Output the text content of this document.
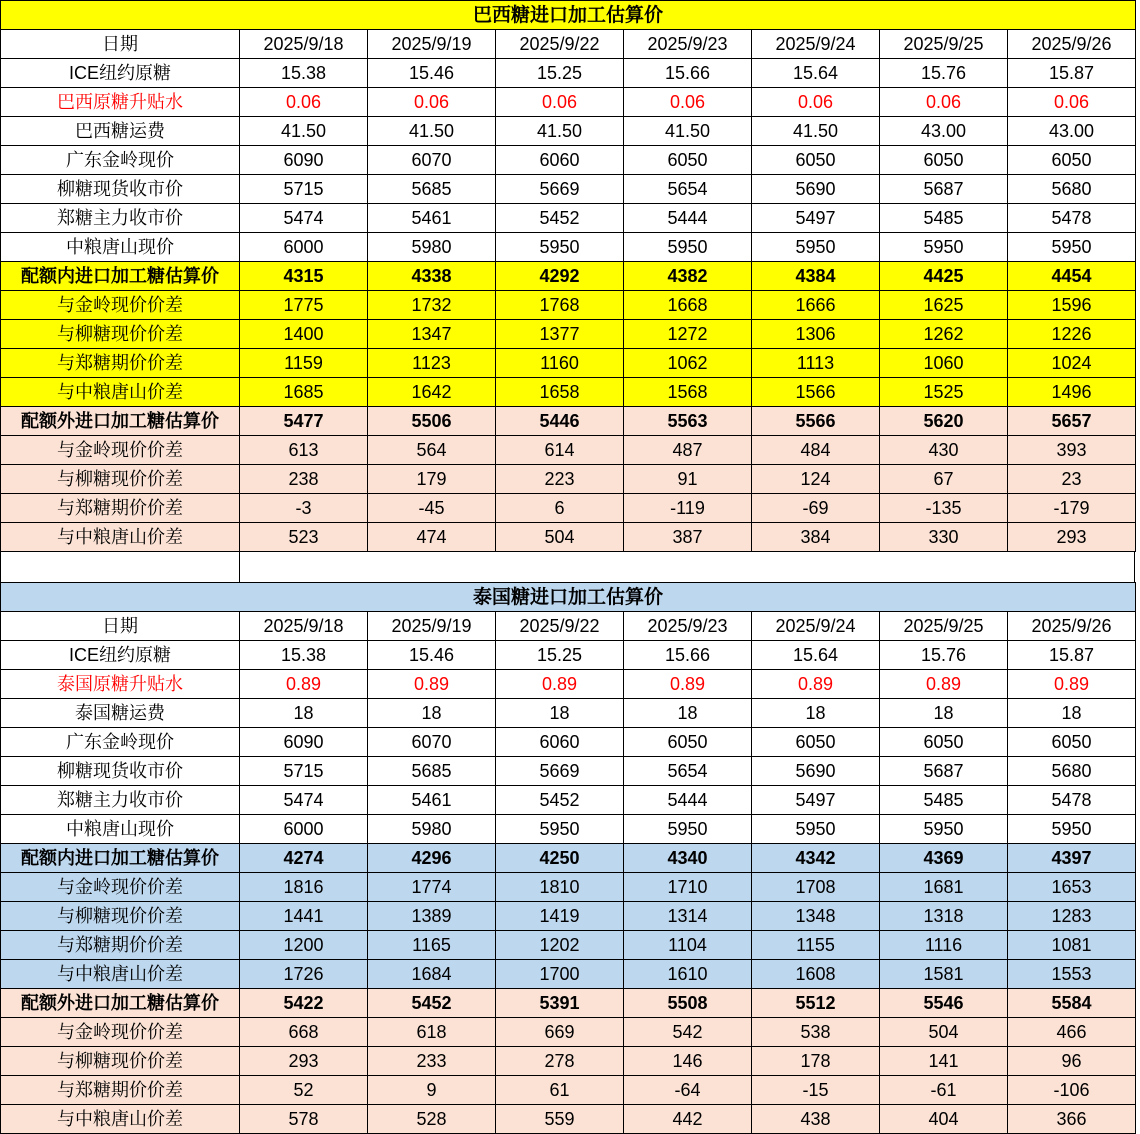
巴西糖进口加工估算价							
日期	2025/9/18	2025/9/19	2025/9/22	2025/9/23	2025/9/24	2025/9/25	2025/9/26
ICE纽约原糖	15.38	15.46	15.25	15.66	15.64	15.76	15.87
巴西原糖升贴水	0.06	0.06	0.06	0.06	0.06	0.06	0.06
巴西糖运费	41.50	41.50	41.50	41.50	41.50	43.00	43.00
广东金岭现价	6090	6070	6060	6050	6050	6050	6050
柳糖现货收市价	5715	5685	5669	5654	5690	5687	5680
郑糖主力收市价	5474	5461	5452	5444	5497	5485	5478
中粮唐山现价	6000	5980	5950	5950	5950	5950	5950
配额内进口加工糖估算价	4315	4338	4292	4382	4384	4425	4454
与金岭现价价差	1775	1732	1768	1668	1666	1625	1596
与柳糖现价价差	1400	1347	1377	1272	1306	1262	1226
与郑糖期价价差	1159	1123	1160	1062	1113	1060	1024
与中粮唐山价差	1685	1642	1658	1568	1566	1525	1496
配额外进口加工糖估算价	5477	5506	5446	5563	5566	5620	5657
与金岭现价价差	613	564	614	487	484	430	393
与柳糖现价价差	238	179	223	91	124	67	23
与郑糖期价价差	-3	-45	6	-119	-69	-135	-179
与中粮唐山价差	523	474	504	387	384	330	293
泰国糖进口加工估算价							
日期	2025/9/18	2025/9/19	2025/9/22	2025/9/23	2025/9/24	2025/9/25	2025/9/26
ICE纽约原糖	15.38	15.46	15.25	15.66	15.64	15.76	15.87
泰国原糖升贴水	0.89	0.89	0.89	0.89	0.89	0.89	0.89
泰国糖运费	18	18	18	18	18	18	18
广东金岭现价	6090	6070	6060	6050	6050	6050	6050
柳糖现货收市价	5715	5685	5669	5654	5690	5687	5680
郑糖主力收市价	5474	5461	5452	5444	5497	5485	5478
中粮唐山现价	6000	5980	5950	5950	5950	5950	5950
配额内进口加工糖估算价	4274	4296	4250	4340	4342	4369	4397
与金岭现价价差	1816	1774	1810	1710	1708	1681	1653
与柳糖现价价差	1441	1389	1419	1314	1348	1318	1283
与郑糖期价价差	1200	1165	1202	1104	1155	1116	1081
与中粮唐山价差	1726	1684	1700	1610	1608	1581	1553
配额外进口加工糖估算价	5422	5452	5391	5508	5512	5546	5584
与金岭现价价差	668	618	669	542	538	504	466
与柳糖现价价差	293	233	278	146	178	141	96
与郑糖期价价差	52	9	61	-64	-15	-61	-106
与中粮唐山价差	578	528	559	442	438	404	366
